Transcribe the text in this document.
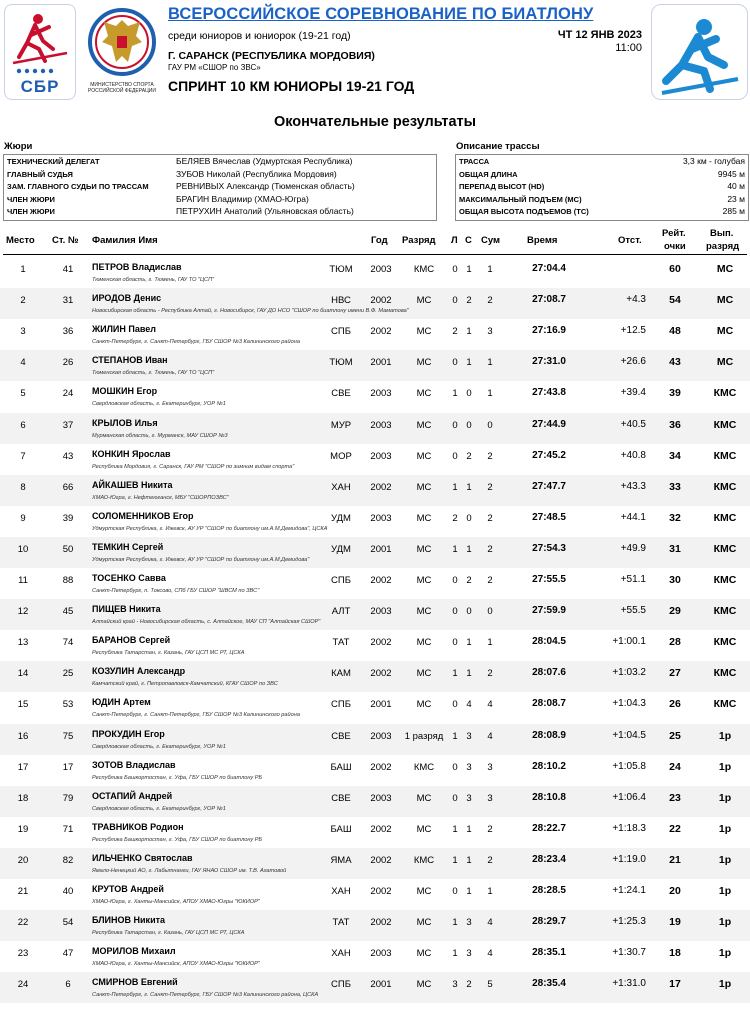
СБР	МИНИСТЕРСТВО СПОРТА РОССИЙСКОЙ ФЕДЕРАЦИИ
ВСЕРОССИЙСКОЕ СОРЕВНОВАНИЕ ПО БИАТЛОНУ
среди юниоров и юниорок (19-21 год)
Г. САРАНСК (РЕСПУБЛИКА МОРДОВИЯ)
ГАУ РМ «СШОР по ЗВС»
СПРИНТ 10 КМ ЮНИОРЫ 19-21 ГОД
ЧТ 12 ЯНВ 2023
11:00
Окончательные результаты
Жюри	Описание трассы
ТЕХНИЧЕСКИЙ ДЕЛЕГАТ	БЕЛЯЕВ Вячеслав (Удмуртская Республика)
ГЛАВНЫЙ СУДЬЯ	ЗУБОВ Николай (Республика Мордовия)
ЗАМ. ГЛАВНОГО СУДЬИ ПО ТРАССАМ	РЕВНИВЫХ Александр (Тюменская область)
ЧЛЕН ЖЮРИ	БРАГИН Владимир (ХМАО-Югра)
ЧЛЕН ЖЮРИ	ПЕТРУХИН Анатолий (Ульяновская область)
ТРАССА	3,3 км - голубая
ОБЩАЯ ДЛИНА	9945 м
ПЕРЕПАД ВЫСОТ (HD)	40 м
МАКСИМАЛЬНЫЙ ПОДЪЕМ (MC)	23 м
ОБЩАЯ ВЫСОТА ПОДЪЕМОВ (TC)	285 м
Место Ст. № Фамилия Имя	Год Разряд Л С Сум	Время	Отст.
Рейт.
очки
Вып.
разряд
1	41	ПЕТРОВ Владислав	ТЮМ	2003	КМС	0 1	1	27:04.4	60	МС
Тюменская область, г. Тюмень, ГАУ ТО "ЦСП"
2	31	ИРОДОВ Денис	НВС	2002	МС	0 2	2	27:08.7	+4.3	54	МС
Новосибирская область - Республика Алтай, г. Новосибирск, ГАУ ДО НСО "СШОР по биатлону имени В.Ф. Маматова"
3	36	ЖИЛИН Павел	СПБ	2002	МС	2 1	3	27:16.9	+12.5	48	МС
Санкт-Петербург, г. Санкт-Петербург, ГБУ СШОР №3 Калининского района
4	26	СТЕПАНОВ Иван	ТЮМ	2001	МС	0 1	1	27:31.0	+26.6	43	МС
Тюменская область, г. Тюмень, ГАУ ТО "ЦСП"
5	24	МОШКИН Егор	СВЕ	2003	МС	1 0	1	27:43.8	+39.4	39	КМС
Свердловская область, г. Екатеринбург, УОР №1
6	37	КРЫЛОВ Илья	МУР	2003	МС	0 0	0	27:44.9	+40.5	36	КМС
Мурманская область, г. Мурманск, МАУ СШОР №3
7	43	КОНКИН Ярослав	МОР	2003	МС	0 2	2	27:45.2	+40.8	34	КМС
Республика Мордовия, г. Саранск, ГАУ РМ "СШОР по зимним видам спорта"
8	66	АЙКАШЕВ Никита	ХАН	2002	МС	1 1	2	27:47.7	+43.3	33	КМС
ХМАО-Югра, г. Нефтеюганск, МБУ "СШОРПОЗВС"
9	39	СОЛОМЕННИКОВ Егор	УДМ	2003	МС	2 0	2	27:48.5	+44.1	32	КМС
Удмуртская Республика, г. Ижевск, АУ УР "СШОР по биатлону им.А.М.Демидова", ЦСКА
10	50	ТЕМКИН Сергей	УДМ	2001	МС	1 1	2	27:54.3	+49.9	31	КМС
Удмуртская Республика, г. Ижевск, АУ УР "СШОР по биатлону им.А.М.Демидова"
11	88	ТОСЕНКО Савва	СПБ	2002	МС	0 2	2	27:55.5	+51.1	30	КМС
Санкт-Петербург, п. Токсово, СПб ГБУ СШОР "ШВСМ по ЗВС"
12	45	ПИЩЕВ Никита	АЛТ	2003	МС	0 0	0	27:59.9	+55.5	29	КМС
Алтайский край - Новосибирская область, с. Алтайское, МАУ СП "Алтайская СШОР"
13	74	БАРАНОВ Сергей	ТАТ	2002	МС	0 1	1	28:04.5	+1:00.1	28	КМС
Республика Татарстан, г. Казань, ГАУ ЦСП МС РТ, ЦСКА
14	25	КОЗУЛИН Александр	КАМ	2002	МС	1 1	2	28:07.6	+1:03.2	27	КМС
Камчатский край, г. Петропавловск-Камчатский, КГАУ СШОР по ЗВС
15	53	ЮДИН Артем	СПБ	2001	МС	0 4	4	28:08.7	+1:04.3	26	КМС
Санкт-Петербург, г. Санкт-Петербург, ГБУ СШОР №3 Калининского района
16	75	ПРОКУДИН Егор	СВЕ	2003	1 разряд 1 3	4	28:08.9	+1:04.5	25	1р
Свердловская область, г. Екатеринбург, УОР №1
17	17	ЗОТОВ Владислав	БАШ	2002	КМС	0 3	3	28:10.2	+1:05.8	24	1р
Республика Башкортостан, г. Уфа, ГБУ СШОР по биатлону РБ
18	79	ОСТАПИЙ Андрей	СВЕ	2003	МС	0 3	3	28:10.8	+1:06.4	23	1р
Свердловская область, г. Екатеринбург, УОР №1
19	71	ТРАВНИКОВ Родион	БАШ	2002	МС	1 1	2	28:22.7	+1:18.3	22	1р
Республика Башкортостан, г. Уфа, ГБУ СШОР по биатлону РБ
20	82	ИЛЬЧЕНКО Святослав	ЯМА	2002	КМС	1 1	2	28:23.4	+1:19.0	21	1р
Ямало-Ненецкий АО, г. Лабытнанги, ГАУ ЯНАО СШОР им. Т.В. Ахатовой
21	40	КРУТОВ Андрей	ХАН	2002	МС	0 1	1	28:28.5	+1:24.1	20	1р
ХМАО-Югра, г. Ханты-Мансийск, АПОУ ХМАО-Югры "ЮКИОР"
22	54	БЛИНОВ Никита	ТАТ	2002	МС	1 3	4	28:29.7	+1:25.3	19	1р
Республика Татарстан, г. Казань, ГАУ ЦСП МС РТ, ЦСКА
23	47	МОРИЛОВ Михаил	ХАН	2003	МС	1 3	4	28:35.1	+1:30.7	18	1р
ХМАО-Югра, г. Ханты-Мансийск, АПОУ ХМАО-Югры "ЮКИОР"
24	6	СМИРНОВ Евгений	СПБ	2001	МС	3 2	5	28:35.4	+1:31.0	17	1р
Санкт-Петербург, г. Санкт-Петербург, ГБУ СШОР №3 Калининского района, ЦСКА
